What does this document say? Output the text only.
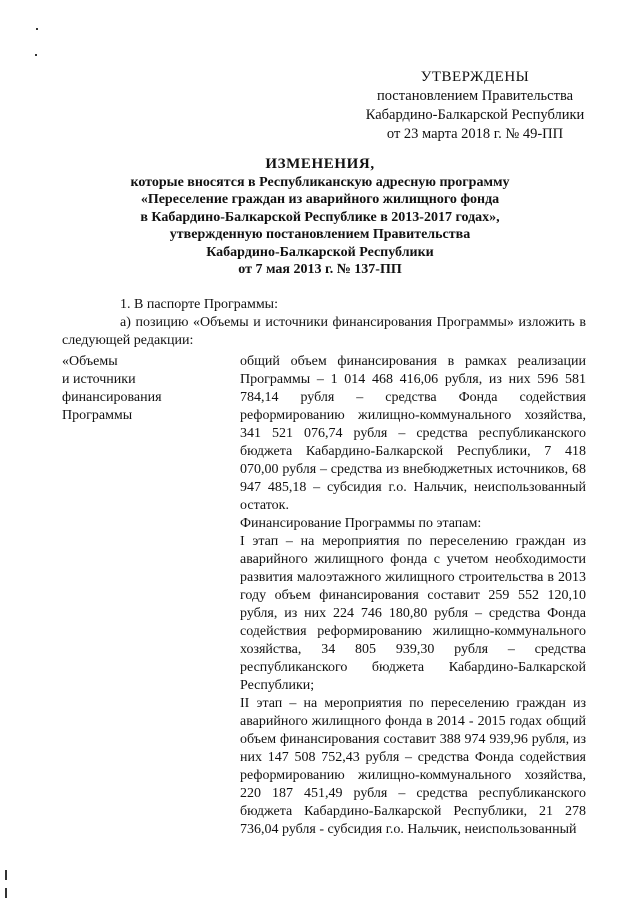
УТВЕРЖДЕНЫ
постановлением Правительства
Кабардино-Балкарской Республики
от 23 марта 2018 г. № 49-ПП
ИЗМЕНЕНИЯ,
которые вносятся в Республиканскую адресную программу
«Переселение граждан из аварийного жилищного фонда
в Кабардино-Балкарской Республике в 2013-2017 годах»,
утвержденную постановлением Правительства
Кабардино-Балкарской Республики
от 7 мая 2013 г. № 137-ПП

1. В паспорте Программы:

а) позицию «Объемы и источники финансирования Программы» изложить в следующей редакции:

«Объемы
и источники
финансирования
Программы

общий объем финансирования в рамках реализации Программы – 1 014 468 416,06 рубля, из них 596 581 784,14 рубля – средства Фонда содействия реформированию жилищно-коммунального хозяйства, 341 521 076,74 рубля – средства республиканского бюджета Кабардино-Балкарской Республики, 7 418 070,00 рубля – средства из внебюджетных источников, 68 947 485,18 – субсидия г.о. Нальчик, неиспользованный остаток.

Финансирование Программы по этапам:

I этап – на мероприятия по переселению граждан из аварийного жилищного фонда с учетом необходимости развития малоэтажного жилищного строительства в 2013 году объем финансирования составит 259 552 120,10 рубля, из них 224 746 180,80 рубля – средства Фонда содействия реформированию жилищно-коммунального хозяйства, 34 805 939,30 рубля – средства республиканского бюджета Кабардино-Балкарской Республики;

II этап – на мероприятия по переселению граждан из аварийного жилищного фонда в 2014 - 2015 годах общий объем финансирования составит 388 974 939,96 рубля, из них 147 508 752,43 рубля – средства Фонда содействия реформированию жилищно-коммунального хозяйства, 220 187 451,49 рубля – средства республиканского бюджета Кабардино-Балкарской Республики, 21 278 736,04 рубля - субсидия г.о. Нальчик, неиспользованный
